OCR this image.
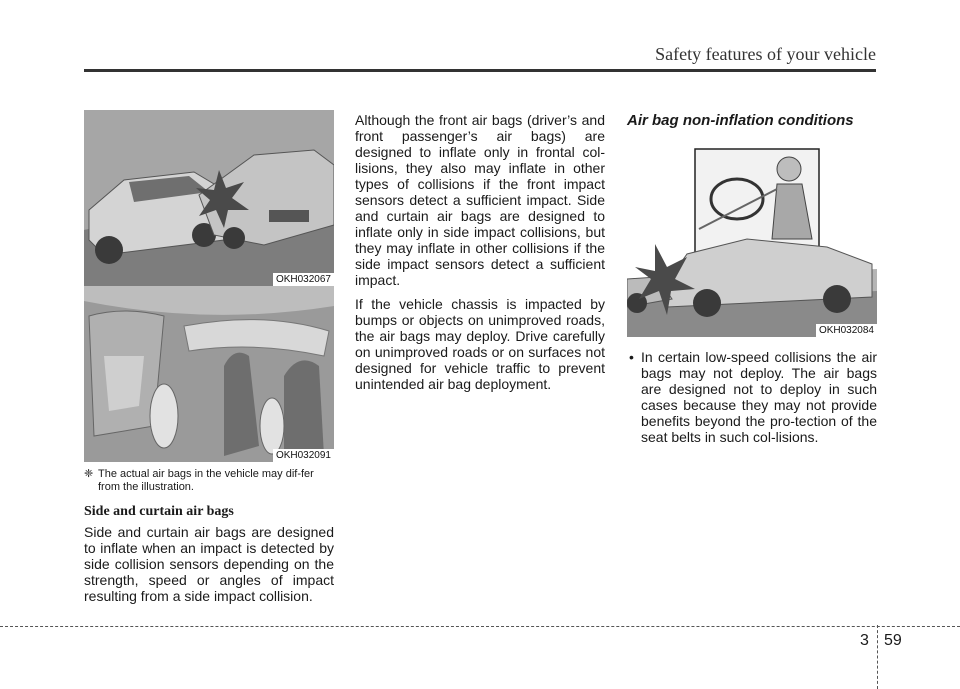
Safety features of your vehicle
OKH032067
OKH032091

❈ The actual air bags in the vehicle may dif-fer from the illustration.

Side and curtain air bags

Side and curtain air bags are designed to inflate when an impact is detected by side collision sensors depending on the strength, speed or angles of impact resulting from a side impact collision.

Although the front air bags (driver’s and front passenger’s air bags) are designed to inflate only in frontal col-lisions, they also may inflate in other types of collisions if the front impact sensors detect a sufficient impact. Side and curtain air bags are designed to inflate only in side impact collisions, but they may inflate in other collisions if the side impact sensors detect a sufficient impact.

If the vehicle chassis is impacted by bumps or objects on unimproved roads, the air bags may deploy. Drive carefully on unimproved roads or on surfaces not designed for vehicle traffic to prevent unintended air bag deployment.

Air bag non-inflation conditions
OKH032084

• In certain low-speed collisions the air bags may not deploy. The air bags are designed not to deploy in such cases because they may not provide benefits beyond the pro-tection of the seat belts in such col-lisions.

3 59
